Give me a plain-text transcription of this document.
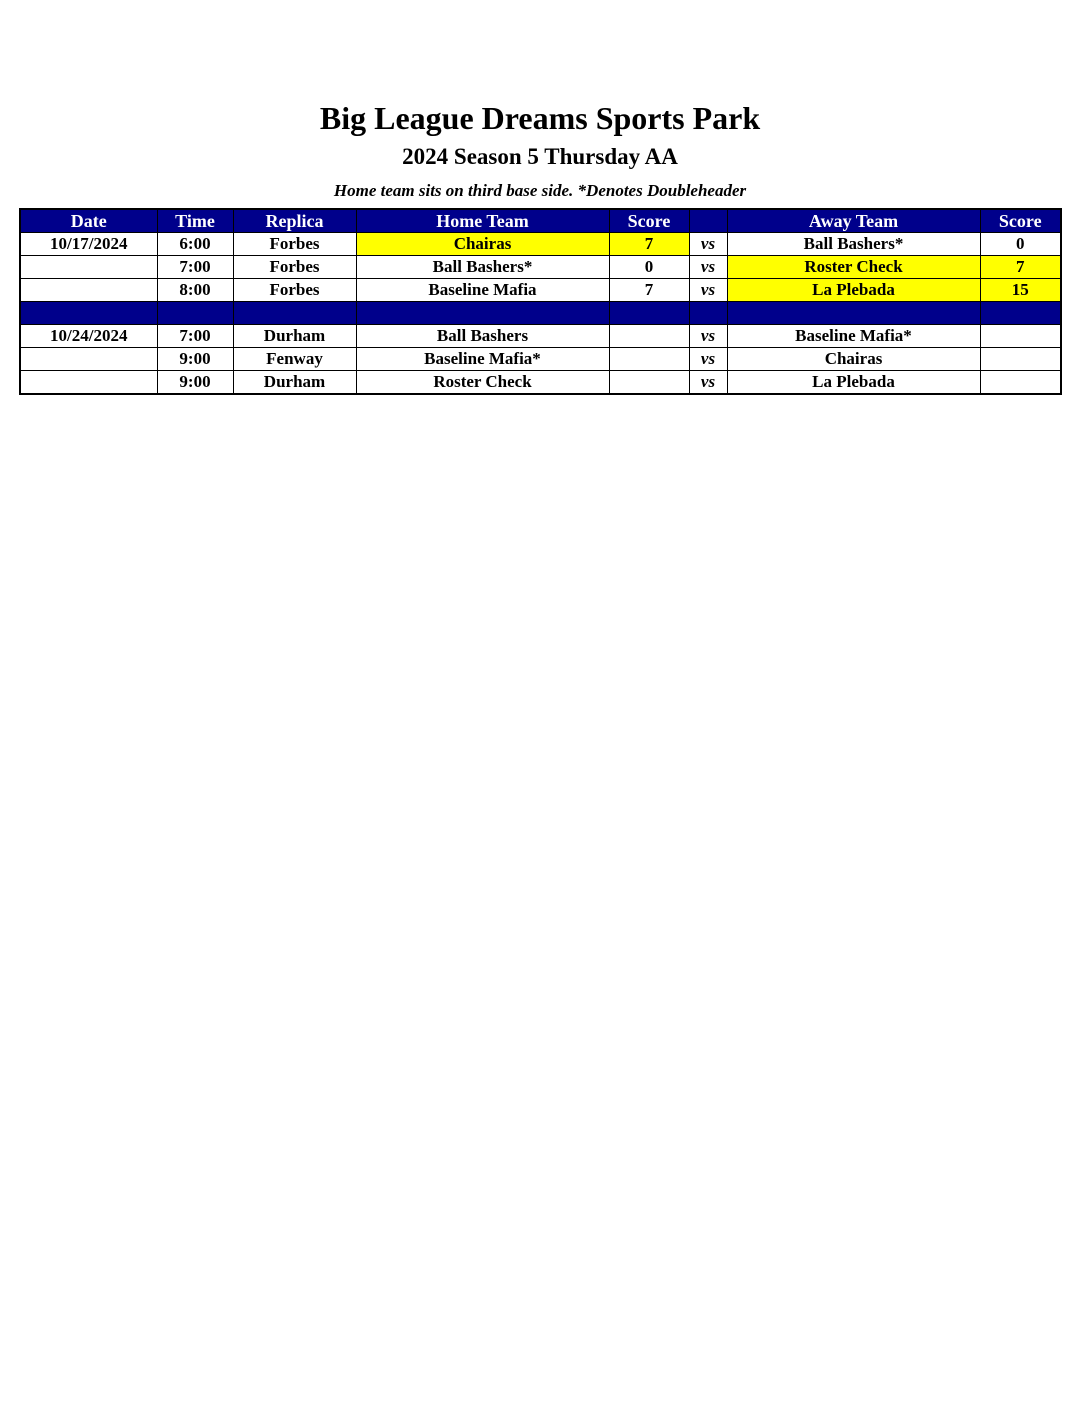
Big League Dreams Sports Park
2024 Season 5 Thursday AA
Home team sits on third base side. *Denotes Doubleheader
Date	Time	Replica	Home Team	Score		Away Team	Score
10/17/2024	6:00	Forbes	Chairas	7	vs	Ball Bashers*	0
	7:00	Forbes	Ball Bashers*	0	vs	Roster Check	7
	8:00	Forbes	Baseline Mafia	7	vs	La Plebada	15

10/24/2024	7:00	Durham	Ball Bashers		vs	Baseline Mafia*	
	9:00	Fenway	Baseline Mafia*		vs	Chairas	
	9:00	Durham	Roster Check		vs	La Plebada	
